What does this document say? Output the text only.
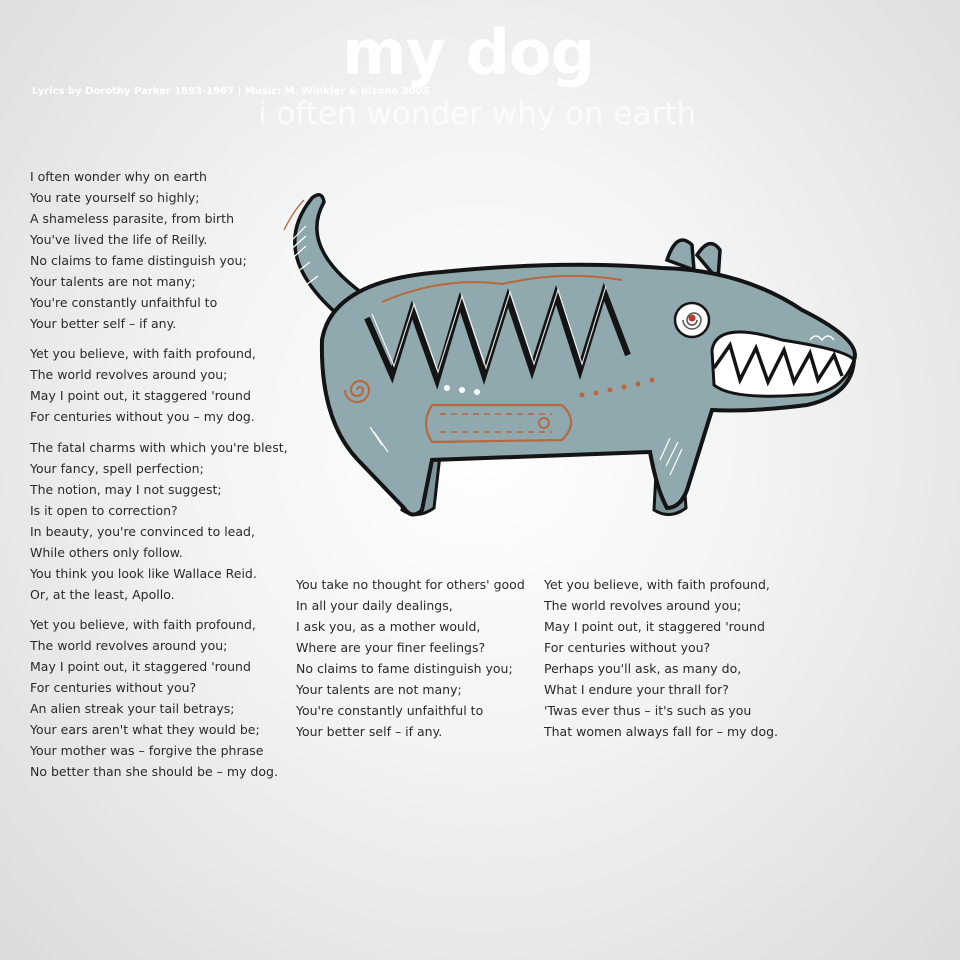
my dog
Lyrics by Dorothy Parker 1893-1967 | Music: M. Winkler & bizono 2005
i often wonder why on earth
I often wonder why on earth
You rate yourself so highly;
A shameless parasite, from birth
You've lived the life of Reilly.
No claims to fame distinguish you;
Your talents are not many;
You're constantly unfaithful to
Your better self – if any.
Yet you believe, with faith profound,
The world revolves around you;
May I point out, it staggered 'round
For centuries without you – my dog.
The fatal charms with which you're blest,
Your fancy, spell perfection;
The notion, may I not suggest;
Is it open to correction?
In beauty, you're convinced to lead,
While others only follow.
You think you look like Wallace Reid.
Or, at the least, Apollo.
Yet you believe, with faith profound,
The world revolves around you;
May I point out, it staggered 'round
For centuries without you?
An alien streak your tail betrays;
Your ears aren't what they would be;
Your mother was – forgive the phrase
No better than she should be – my dog.
You take no thought for others' good
In all your daily dealings,
I ask you, as a mother would,
Where are your finer feelings?
No claims to fame distinguish you;
Your talents are not many;
You're constantly unfaithful to
Your better self – if any.
Yet you believe, with faith profound,
The world revolves around you;
May I point out, it staggered 'round
For centuries without you?
Perhaps you'll ask, as many do,
What I endure your thrall for?
'Twas ever thus – it's such as you
That women always fall for – my dog.
